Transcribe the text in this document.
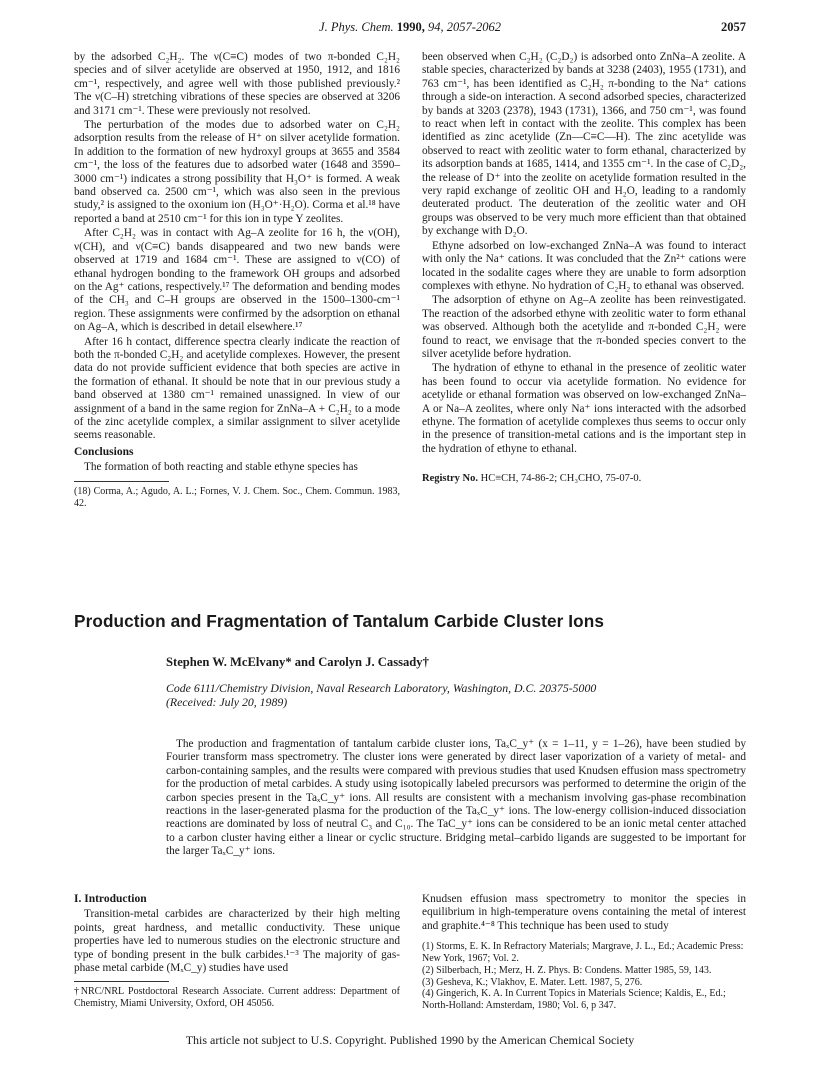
J. Phys. Chem. 1990, 94, 2057-2062	2057

by the adsorbed C₂H₂. The ν(C≡C) modes of two π-bonded C₂H₂ species and of silver acetylide are observed at 1950, 1912, and 1816 cm⁻¹, respectively, and agree well with those published previously.² The ν(C–H) stretching vibrations of these species are observed at 3206 and 3171 cm⁻¹. These were previously not resolved.

The perturbation of the modes due to adsorbed water on C₂H₂ adsorption results from the release of H⁺ on silver acetylide formation. In addition to the formation of new hydroxyl groups at 3655 and 3584 cm⁻¹, the loss of the features due to adsorbed water (1648 and 3590–3000 cm⁻¹) indicates a strong possibility that H₃O⁺ is formed. A weak band observed ca. 2500 cm⁻¹, which was also seen in the previous study,² is assigned to the oxonium ion (H₃O⁺·H₂O). Corma et al.¹⁸ have reported a band at 2510 cm⁻¹ for this ion in type Y zeolites.

After C₂H₂ was in contact with Ag–A zeolite for 16 h, the ν(OH), ν(CH), and ν(C≡C) bands disappeared and two new bands were observed at 1719 and 1684 cm⁻¹. These are assigned to ν(CO) of ethanal hydrogen bonding to the framework OH groups and adsorbed on the Ag⁺ cations, respectively.¹⁷ The deformation and bending modes of the CH₃ and C–H groups are observed in the 1500–1300-cm⁻¹ region. These assignments were confirmed by the adsorption on ethanal on Ag–A, which is described in detail elsewhere.¹⁷

After 16 h contact, difference spectra clearly indicate the reaction of both the π-bonded C₂H₂ and acetylide complexes. However, the present data do not provide sufficient evidence that both species are active in the formation of ethanal. It should be note that in our previous study a band observed at 1380 cm⁻¹ remained unassigned. In view of our assignment of a band in the same region for ZnNa–A + C₂H₂ to a mode of the zinc acetylide complex, a similar assignment to silver acetylide seems reasonable.

Conclusions

The formation of both reacting and stable ethyne species has

(18) Corma, A.; Agudo, A. L.; Fornes, V. J. Chem. Soc., Chem. Commun. 1983, 42.

been observed when C₂H₂ (C₂D₂) is adsorbed onto ZnNa–A zeolite. A stable species, characterized by bands at 3238 (2403), 1955 (1731), and 763 cm⁻¹, has been identified as C₂H₂ π-bonding to the Na⁺ cations through a side-on interaction. A second adsorbed species, characterized by bands at 3203 (2378), 1943 (1731), 1366, and 750 cm⁻¹, was found to react when left in contact with the zeolite. This complex has been identified as zinc acetylide (Zn—C≡C—H). The zinc acetylide was observed to react with zeolitic water to form ethanal, characterized by its adsorption bands at 1685, 1414, and 1355 cm⁻¹. In the case of C₂D₂, the release of D⁺ into the zeolite on acetylide formation resulted in the very rapid exchange of zeolitic OH and H₂O, leading to a randomly deuterated product. The deuteration of the zeolitic water and OH groups was observed to be very much more efficient than that obtained by exchange with D₂O.

Ethyne adsorbed on low-exchanged ZnNa–A was found to interact with only the Na⁺ cations. It was concluded that the Zn²⁺ cations were located in the sodalite cages where they are unable to form adsorption complexes with ethyne. No hydration of C₂H₂ to ethanal was observed.

The adsorption of ethyne on Ag–A zeolite has been reinvestigated. The reaction of the adsorbed ethyne with zeolitic water to form ethanal was observed. Although both the acetylide and π-bonded C₂H₂ were found to react, we envisage that the π-bonded species convert to the silver acetylide before hydration.

The hydration of ethyne to ethanal in the presence of zeolitic water has been found to occur via acetylide formation. No evidence for acetylide or ethanal formation was observed on low-exchanged ZnNa–A or Na–A zeolites, where only Na⁺ ions interacted with the adsorbed ethyne. The formation of acetylide complexes thus seems to occur only in the presence of transition-metal cations and is the important step in the hydration of ethyne to ethanal.

Registry No. HC≡CH, 74-86-2; CH₃CHO, 75-07-0.
Production and Fragmentation of Tantalum Carbide Cluster Ions
Stephen W. McElvany* and Carolyn J. Cassady†
Code 6111/Chemistry Division, Naval Research Laboratory, Washington, D.C. 20375-5000
(Received: July 20, 1989)

The production and fragmentation of tantalum carbide cluster ions, TaₓC_y⁺ (x = 1–11, y = 1–26), have been studied by Fourier transform mass spectrometry. The cluster ions were generated by direct laser vaporization of a variety of metal- and carbon-containing samples, and the results were compared with previous studies that used Knudsen effusion mass spectrometry for the production of metal carbides. A study using isotopically labeled precursors was performed to determine the origin of the carbon species present in the TaₓC_y⁺ ions. All results are consistent with a mechanism involving gas-phase recombination reactions in the laser-generated plasma for the production of the TaₓC_y⁺ ions. The low-energy collision-induced dissociation reactions are dominated by loss of neutral C₃ and C₁₀. The TaC_y⁺ ions can be considered to be an ionic metal center attached to a carbon cluster having either a linear or cyclic structure. Bridging metal–carbido ligands are suggested to be important for the larger TaₓC_y⁺ ions.

I. Introduction

Transition-metal carbides are characterized by their high melting points, great hardness, and metallic conductivity. These unique properties have led to numerous studies on the electronic structure and type of bonding present in the bulk carbides.¹⁻³ The majority of gas-phase metal carbide (MₓC_y) studies have used

†NRC/NRL Postdoctoral Research Associate. Current address: Department of Chemistry, Miami University, Oxford, OH 45056.

Knudsen effusion mass spectrometry to monitor the species in equilibrium in high-temperature ovens containing the metal of interest and graphite.⁴⁻⁸ This technique has been used to study

(1) Storms, E. K. In Refractory Materials; Margrave, J. L., Ed.; Academic Press: New York, 1967; Vol. 2.
(2) Silberbach, H.; Merz, H. Z. Phys. B: Condens. Matter 1985, 59, 143.
(3) Gesheva, K.; Vlakhov, E. Mater. Lett. 1987, 5, 276.
(4) Gingerich, K. A. In Current Topics in Materials Science; Kaldis, E., Ed.; North-Holland: Amsterdam, 1980; Vol. 6, p 347.
This article not subject to U.S. Copyright. Published 1990 by the American Chemical Society
